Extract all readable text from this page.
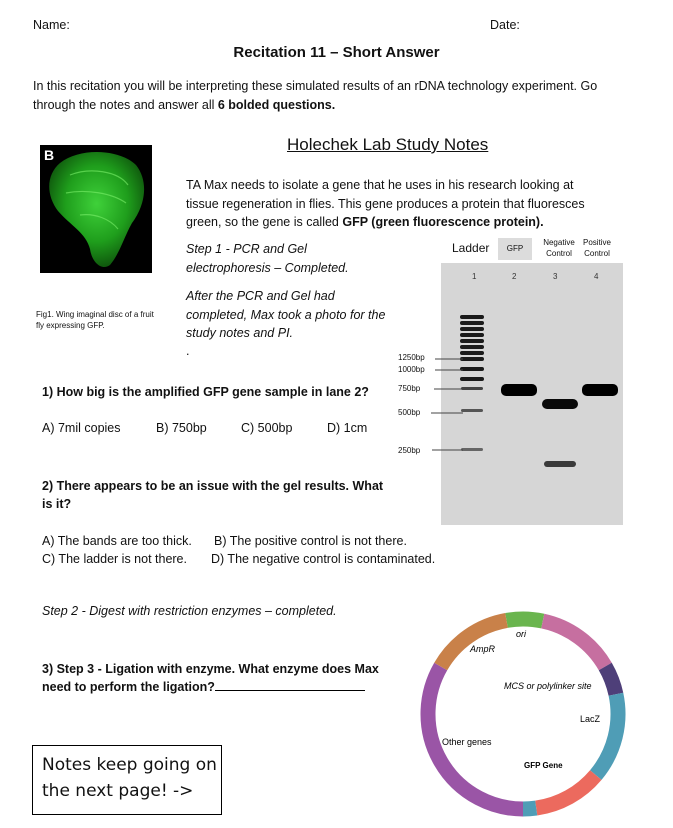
Name:	Date:
Recitation 11 – Short Answer
In this recitation you will be interpreting these simulated results of an rDNA technology experiment. Go through the notes and answer all 6 bolded questions.
Holechek Lab Study Notes
B
Fig1. Wing imaginal disc of a fruit fly expressing GFP.
TA Max needs to isolate a gene that he uses in his research looking at tissue regeneration in flies. This gene produces a protein that fluoresces green, so the gene is called GFP (green fluorescence protein).
Step 1 - PCR and Gel electrophoresis – Completed.
After the PCR and Gel had completed, Max took a photo for the study notes and PI.
.
Ladder	GFP
Negative
Control
Positive
Control
1	2	3	4
1250bp
1000bp
750bp
500bp
250bp
1) How big is the amplified GFP gene sample in lane 2?
A) 7mil copies	B) 750bp	C) 500bp	D) 1cm
2) There appears to be an issue with the gel results. What is it?
A) The bands are too thick. B) The positive control is not there.
C) The ladder is not there. D) The negative control is contaminated.
Step 2 - Digest with restriction enzymes – completed.
3) Step 3 - Ligation with enzyme. What enzyme does Max need to perform the ligation?
ori
AmpR
MCS or polylinker site
LacZ
Other genes
GFP Gene
Notes keep going on
the next page! ->
